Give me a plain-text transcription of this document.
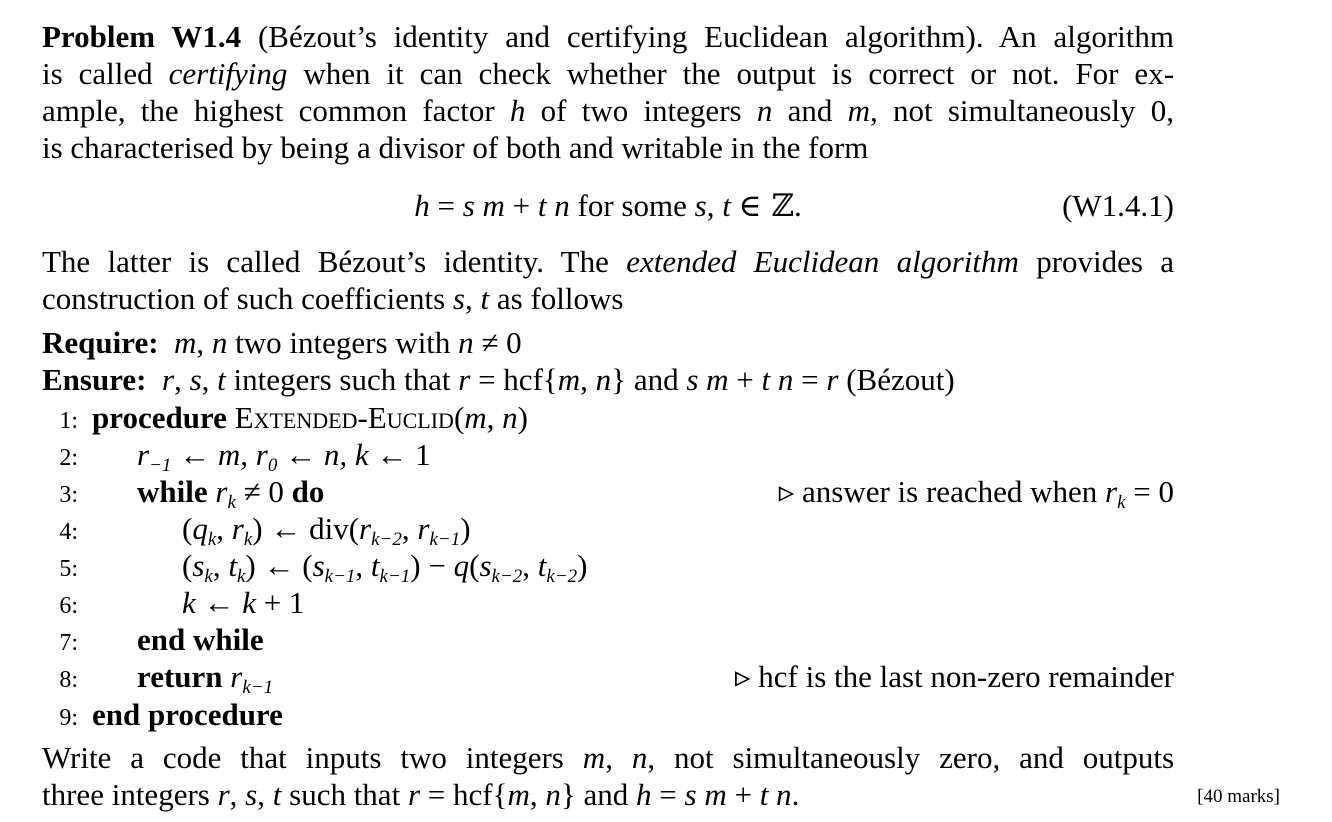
Problem W1.4 (Bézout’s identity and certifying Euclidean algorithm). An algorithm
is called certifying when it can check whether the output is correct or not. For ex-
ample, the highest common factor h of two integers n and m, not simultaneously 0,
is characterised by being a divisor of both and writable in the form
h = s m + t n for some s, t ∈ ℤ.	(W1.4.1)
The latter is called Bézout’s identity. The extended Euclidean algorithm provides a
construction of such coefficients s, t as follows
Require: m, n two integers with n ≠ 0
Ensure: r, s, t integers such that r = hcf{m, n} and s m + t n = r (Bézout)
1: procedure Extended-Euclid(m, n)
2: $r_{-1}$ ← m, $r_0$ ← n, k ← 1
3: while $r_k \ne 0$ do	▹ answer is reached when $r_k = 0$
4:	($q_k$, $r_k$) ← $div(r_{k-2}$, $r_{k-1}$)
5:	($s_k$, $t_k$) ← ($s_{k-1}$, $t_{k-1}) - q(s_{k-2}$, $t_{k-2}$)
6:	k ← k + 1
7: end while
8: return $r_{k-1}$	▹ hcf is the last non-zero remainder
9: end procedure
Write a code that inputs two integers m, n, not simultaneously zero, and outputs
three integers r, s, t such that r = hcf{m, n} and h = s m + t n.	[40 marks]
